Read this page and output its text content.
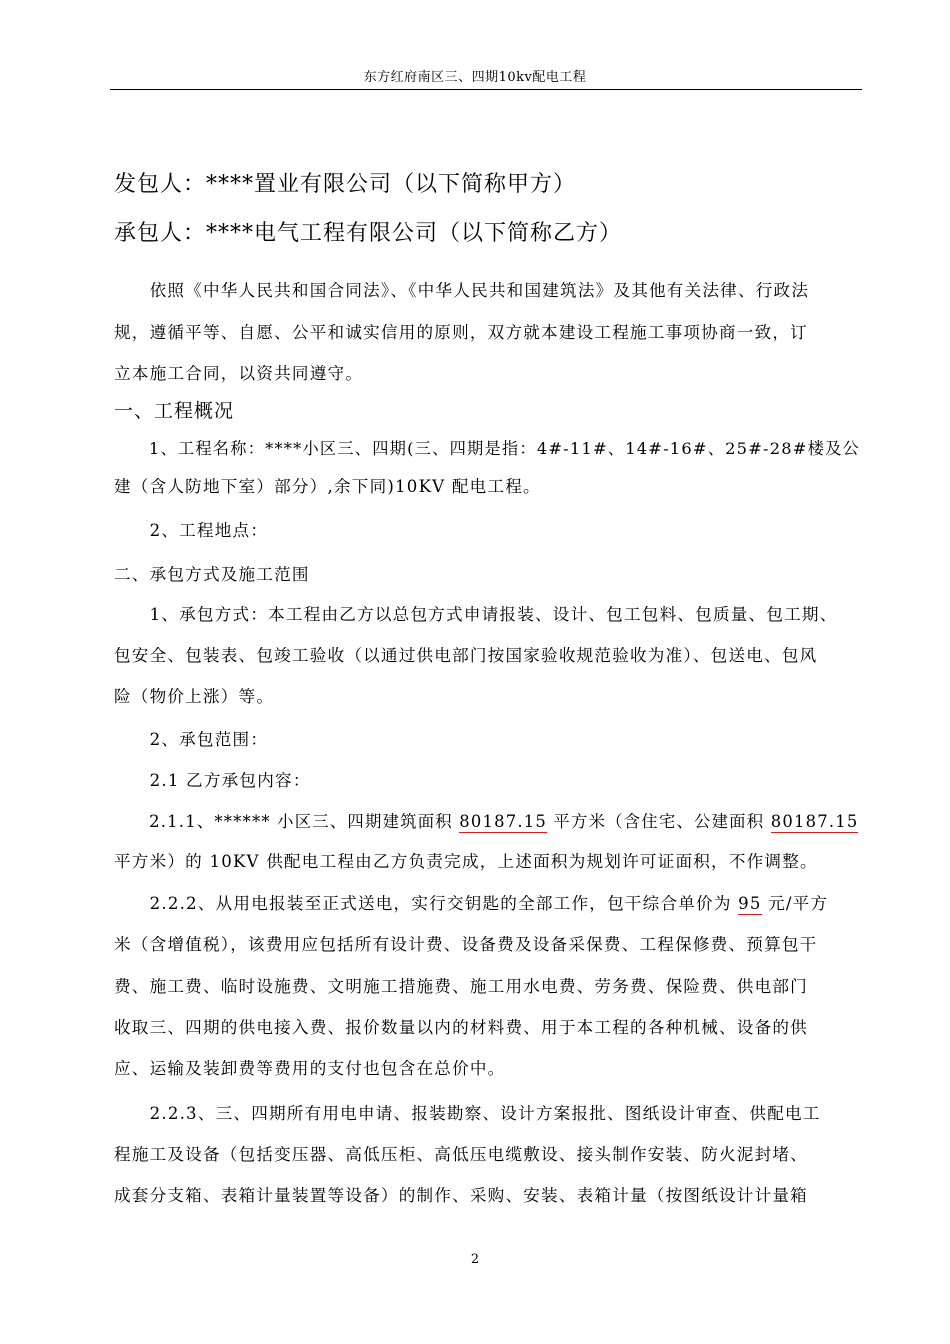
东方红府南区三、四期10kv配电工程
发包人：****置业有限公司（以下简称甲方）
承包人：****电气工程有限公司（以下简称乙方）
　　依照《中华人民共和国合同法》、《中华人民共和国建筑法》及其他有关法律、行政法
规，遵循平等、自愿、公平和诚实信用的原则，双方就本建设工程施工事项协商一致，订
立本施工合同，以资共同遵守。
一、工程概况
　　1、工程名称：****小区三、四期(三、四期是指：4#-11#、14#-16#、25#-28#楼及公
建（含人防地下室）部分）,余下同)10KV 配电工程。
　　2、工程地点：
二、承包方式及施工范围
　　1、承包方式：本工程由乙方以总包方式申请报装、设计、包工包料、包质量、包工期、
包安全、包装表、包竣工验收（以通过供电部门按国家验收规范验收为准）、包送电、包风
险（物价上涨）等。
　　2、承包范围：
　　2.1 乙方承包内容：
　　2.1.1、****** 小区三、四期建筑面积 80187.15 平方米（含住宅、公建面积 80187.15
平方米）的 10KV 供配电工程由乙方负责完成，上述面积为规划许可证面积，不作调整。
　　2.2.2、从用电报装至正式送电，实行交钥匙的全部工作，包干综合单价为 95 元/平方
米（含增值税），该费用应包括所有设计费、设备费及设备采保费、工程保修费、预算包干
费、施工费、临时设施费、文明施工措施费、施工用水电费、劳务费、保险费、供电部门
收取三、四期的供电接入费、报价数量以内的材料费、用于本工程的各种机械、设备的供
应、运输及装卸费等费用的支付也包含在总价中。
　　2.2.3、三、四期所有用电申请、报装勘察、设计方案报批、图纸设计审查、供配电工
程施工及设备（包括变压器、高低压柜、高低压电缆敷设、接头制作安装、防火泥封堵、
成套分支箱、表箱计量装置等设备）的制作、采购、安装、表箱计量（按图纸设计计量箱
2
